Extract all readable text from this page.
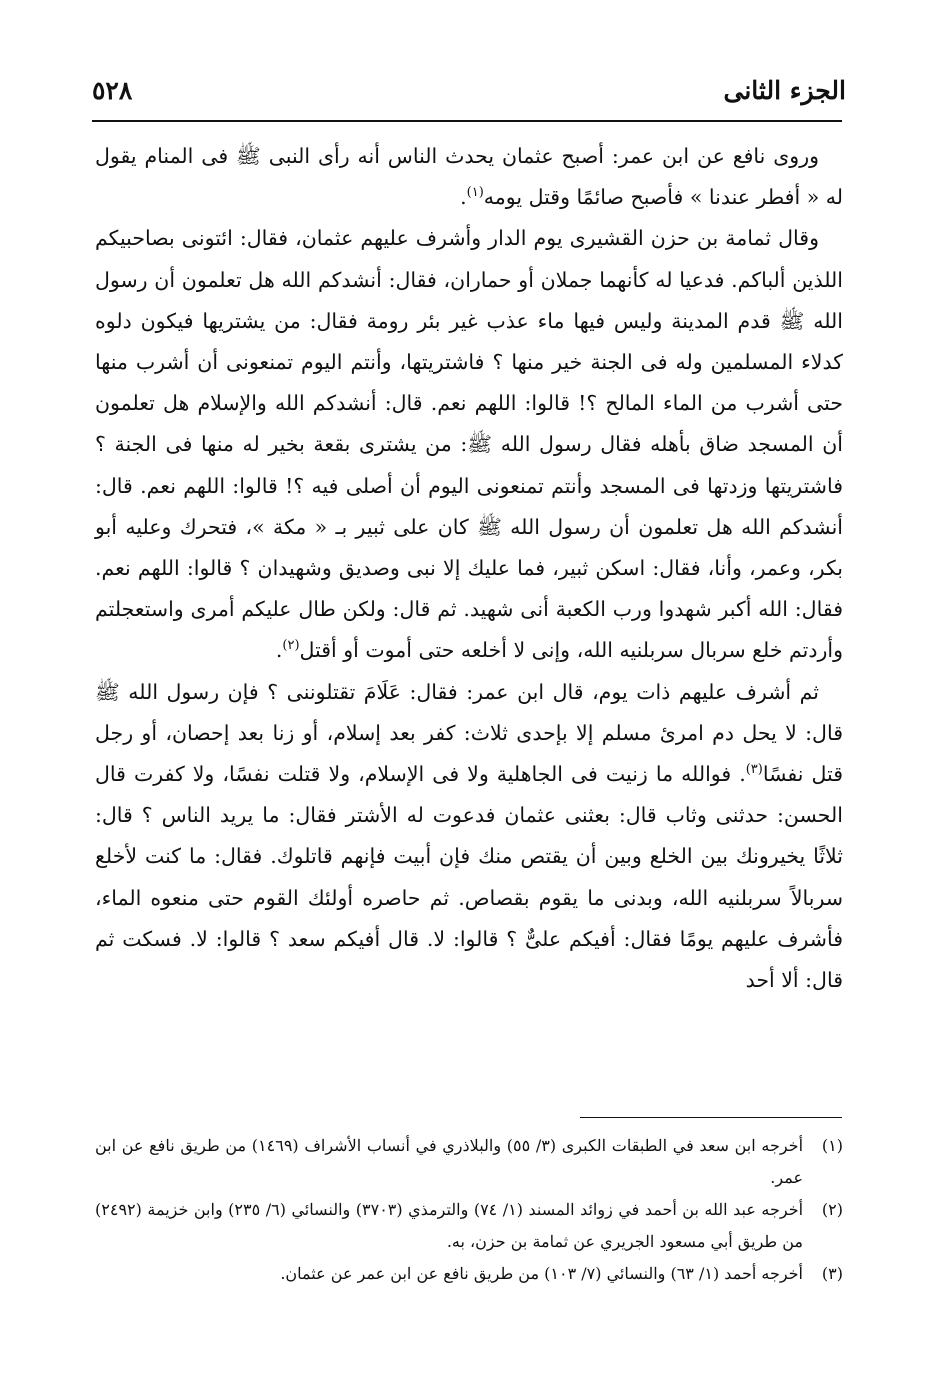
الجزء الثانى
٥٢٨

وروى نافع عن ابن عمر: أصبح عثمان يحدث الناس أنه رأى النبى ﷺ فى المنام يقول له « أفطر عندنا » فأصبح صائمًا وقتل يومه$^{(١)}$.

وقال ثمامة بن حزن القشيرى يوم الدار وأشرف عليهم عثمان، فقال: ائتونى بصاحبيكم اللذين ألباكم. فدعيا له كأنهما جملان أو حماران، فقال: أنشدكم الله هل تعلمون أن رسول الله ﷺ قدم المدينة وليس فيها ماء عذب غير بئر رومة فقال: من يشتريها فيكون دلوه كدلاء المسلمين وله فى الجنة خير منها ؟ فاشتريتها، وأنتم اليوم تمنعونى أن أشرب منها حتى أشرب من الماء المالح ؟! قالوا: اللهم نعم. قال: أنشدكم الله والإسلام هل تعلمون أن المسجد ضاق بأهله فقال رسول الله ﷺ: من يشترى بقعة بخير له منها فى الجنة ؟ فاشتريتها وزدتها فى المسجد وأنتم تمنعونى اليوم أن أصلى فيه ؟! قالوا: اللهم نعم. قال: أنشدكم الله هل تعلمون أن رسول الله ﷺ كان على ثبير بـ « مكة »، فتحرك وعليه أبو بكر، وعمر، وأنا، فقال: اسكن ثبير، فما عليك إلا نبى وصديق وشهيدان ؟ قالوا: اللهم نعم. فقال: الله أكبر شهدوا ورب الكعبة أنى شهيد. ثم قال: ولكن طال عليكم أمرى واستعجلتم وأردتم خلع سربال سربلنيه الله، وإنى لا أخلعه حتى أموت أو أقتل$^{(٢)}$.

ثم أشرف عليهم ذات يوم، قال ابن عمر: فقال: عَلَامَ تقتلوننى ؟ فإن رسول الله ﷺ قال: لا يحل دم امرئ مسلم إلا بإحدى ثلاث: كفر بعد إسلام، أو زنا بعد إحصان، أو رجل قتل نفسًا$^{(٣)}$. فوالله ما زنيت فى الجاهلية ولا فى الإسلام، ولا قتلت نفسًا، ولا كفرت قال الحسن: حدثنى وثاب قال: بعثنى عثمان فدعوت له الأشتر فقال: ما يريد الناس ؟ قال: ثلاثًا يخيرونك بين الخلع وبين أن يقتص منك فإن أبيت فإنهم قاتلوك. فقال: ما كنت لأخلع سربالاً سربلنيه الله، وبدنى ما يقوم بقصاص. ثم حاصره أولئك القوم حتى منعوه الماء، فأشرف عليهم يومًا فقال: أفيكم علىٌّ ؟ قالوا: لا. قال أفيكم سعد ؟ قالوا: لا. فسكت ثم قال: ألا أحد

(١)
أخرجه ابن سعد في الطبقات الكبرى (٣/ ٥٥) والبلاذري في أنساب الأشراف (١٤٦٩) من طريق نافع عن ابن عمر.
(٢)
أخرجه عبد الله بن أحمد في زوائد المسند (١/ ٧٤) والترمذي (٣٧٠٣) والنسائي (٦/ ٢٣٥) وابن خزيمة (٢٤٩٢) من طريق أبي مسعود الجريري عن ثمامة بن حزن، به.
(٣)
أخرجه أحمد (١/ ٦٣) والنسائي (٧/ ١٠٣) من طريق نافع عن ابن عمر عن عثمان.
